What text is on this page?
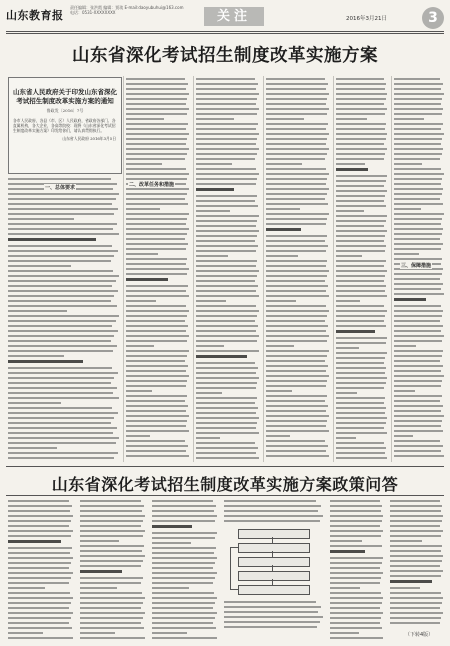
山东教育报
责任编辑：张洪霞 编辑：贾琰 E-mail:daoyubuhui@163.com
电话：0531-XXXXXXXX	关注	2016年3月21日	3
山东省深化考试招生制度改革实施方案
山东省人民政府关于印发山东省深化考试招生制度改革实施方案的通知
鲁政发〔2016〕7号
各市人民政府，各县（市、区）人民政府，省政府各部门、各直属机构，各大企业，各高等院校：现将《山东省深化考试招生制度改革实施方案》印发给你们，请认真贯彻执行。
山东省人民政府 2016年3月5日
一、总体要求	二、改革任务和措施
三、保障措施
山东省深化考试招生制度改革实施方案政策问答
（下转4版）
